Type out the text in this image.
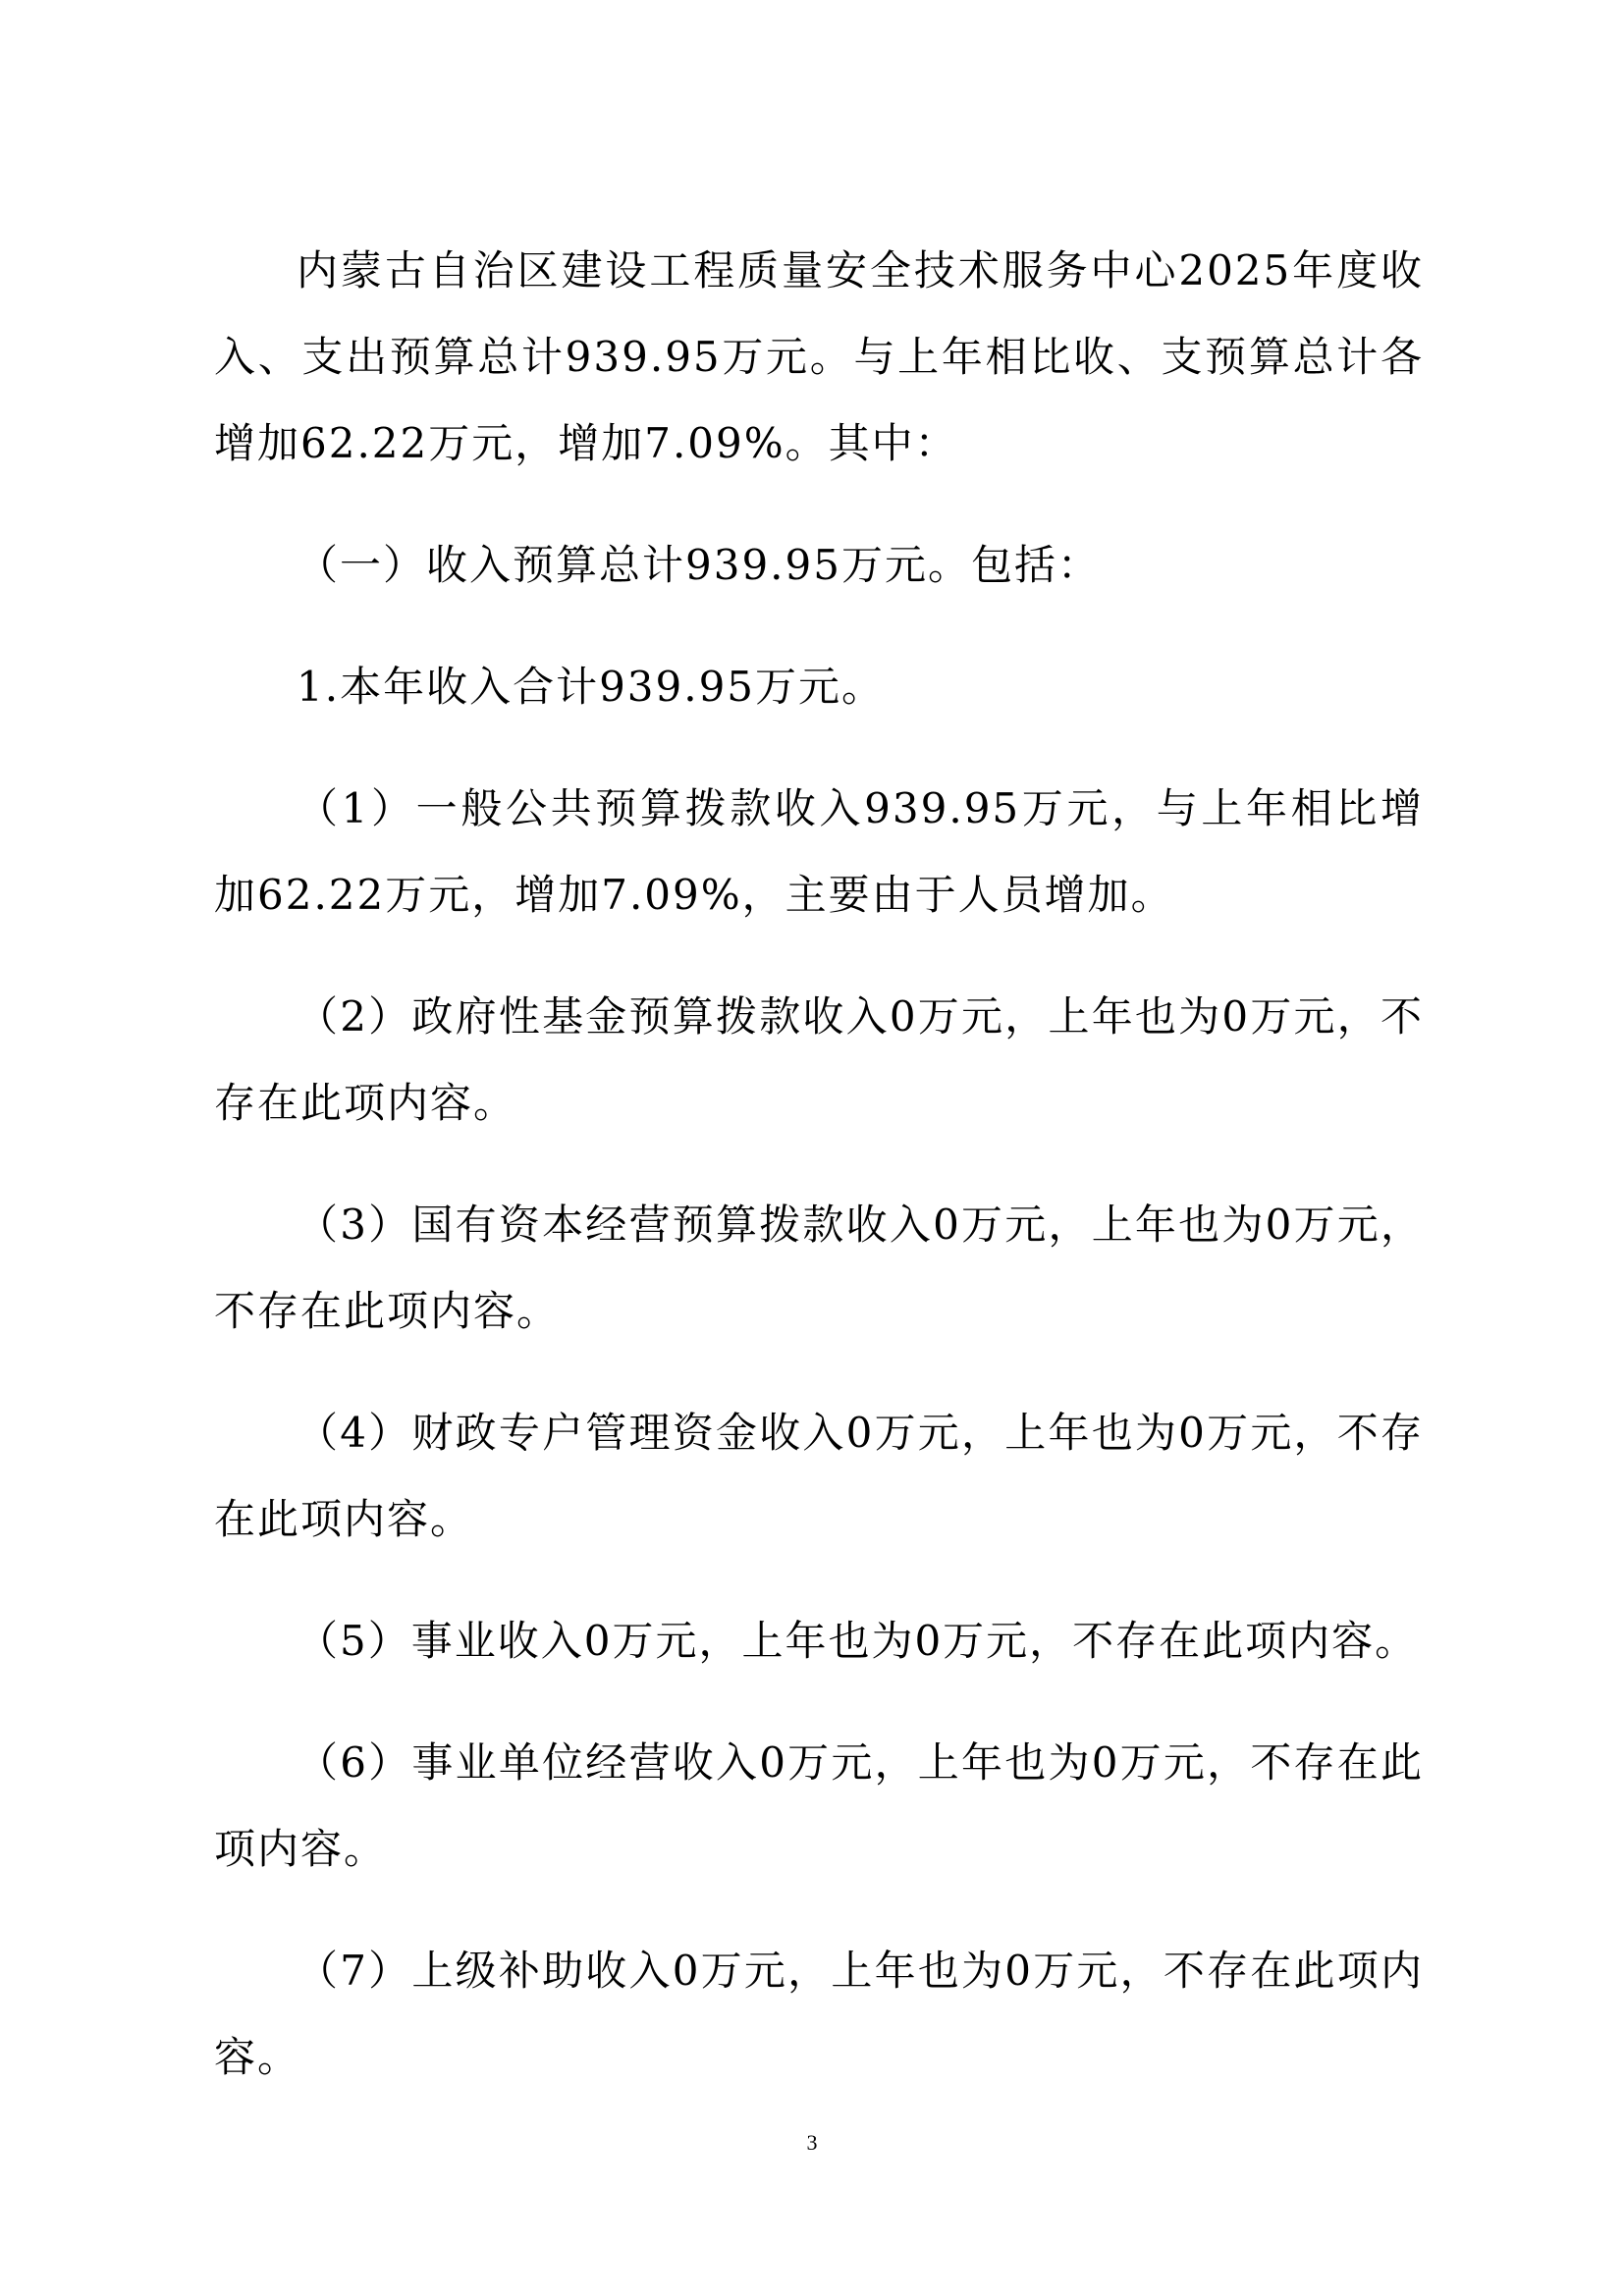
内蒙古自治区建设工程质量安全技术服务中心2025年度收入、支出预算总计939.95万元。与上年相比收、支预算总计各增加62.22万元，增加7.09%。其中：

（一）收入预算总计939.95万元。包括：

1.本年收入合计939.95万元。

（1）一般公共预算拨款收入939.95万元，与上年相比增加62.22万元，增加7.09%，主要由于人员增加。

（2）政府性基金预算拨款收入0万元，上年也为0万元，不存在此项内容。

（3）国有资本经营预算拨款收入0万元，上年也为0万元，不存在此项内容。

（4）财政专户管理资金收入0万元，上年也为0万元，不存在此项内容。

（5）事业收入0万元，上年也为0万元，不存在此项内容。

（6）事业单位经营收入0万元，上年也为0万元，不存在此项内容。

（7）上级补助收入0万元，上年也为0万元，不存在此项内容。

3
